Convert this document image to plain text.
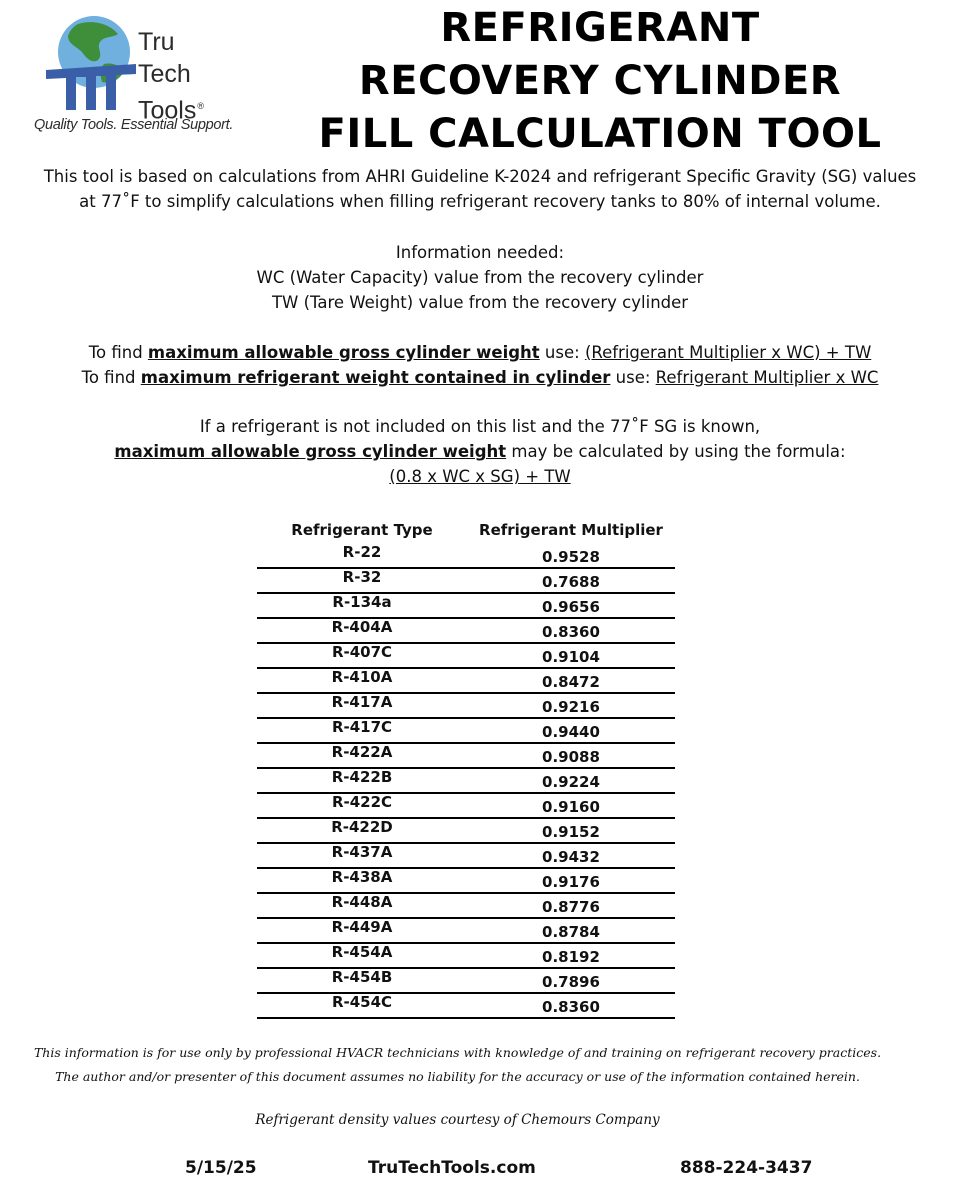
Tru
Tech
Tools®
Quality Tools. Essential Support.
REFRIGERANT
RECOVERY CYLINDER
FILL CALCULATION TOOL
This tool is based on calculations from AHRI Guideline K-2024 and refrigerant Specific Gravity (SG) values
at 77˚F to simplify calculations when filling refrigerant recovery tanks to 80% of internal volume.
Information needed:
WC (Water Capacity) value from the recovery cylinder
TW (Tare Weight) value from the recovery cylinder
To find maximum allowable gross cylinder weight use: (Refrigerant Multiplier x WC) + TW
To find maximum refrigerant weight contained in cylinder use: Refrigerant Multiplier x WC
If a refrigerant is not included on this list and the 77˚F SG is known,
maximum allowable gross cylinder weight may be calculated by using the formula:
(0.8 x WC x SG) + TW
Refrigerant Type	Refrigerant Multiplier
R-22	0.9528
R-32	0.7688
R-134a	0.9656
R-404A	0.8360
R-407C	0.9104
R-410A	0.8472
R-417A	0.9216
R-417C	0.9440
R-422A	0.9088
R-422B	0.9224
R-422C	0.9160
R-422D	0.9152
R-437A	0.9432
R-438A	0.9176
R-448A	0.8776
R-449A	0.8784
R-454A	0.8192
R-454B	0.7896
R-454C	0.8360
This information is for use only by professional HVACR technicians with knowledge of and training on refrigerant recovery practices.
The author and/or presenter of this document assumes no liability for the accuracy or use of the information contained herein.
Refrigerant density values courtesy of Chemours Company
5/15/25	TruTechTools.com	888-224-3437
